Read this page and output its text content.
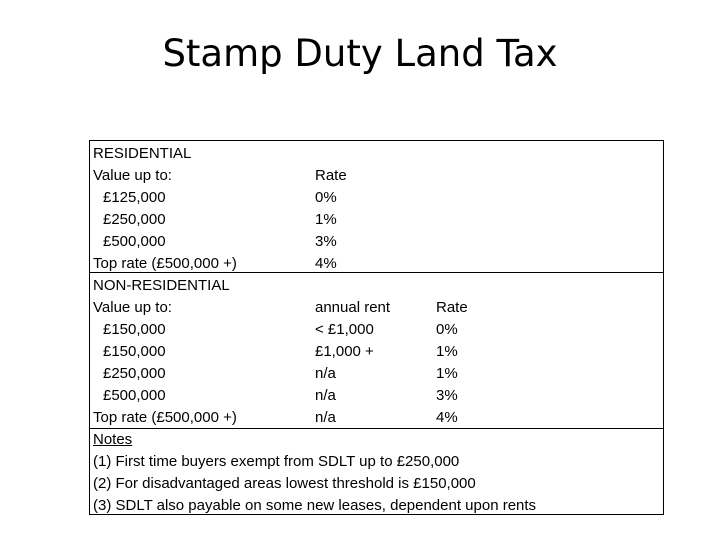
Stamp Duty Land Tax
RESIDENTIAL
Value up to:	Rate
£125,000	0%
£250,000	1%
£500,000	3%
Top rate (£500,000 +)	4%
NON-RESIDENTIAL
Value up to:	annual rent	Rate
£150,000	< £1,000	0%
£150,000	£1,000 +	1%
£250,000	n/a	1%
£500,000	n/a	3%
Top rate (£500,000 +)	n/a	4%
Notes
(1) First time buyers exempt from SDLT up to £250,000
(2) For disadvantaged areas lowest threshold is £150,000
(3) SDLT also payable on some new leases, dependent upon rents
